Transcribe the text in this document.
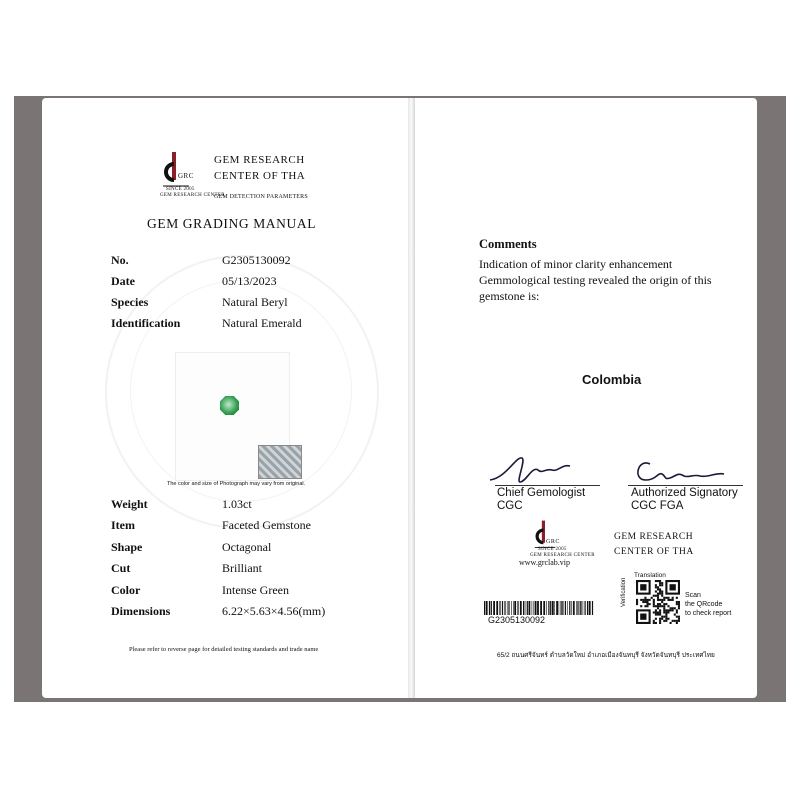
GRC
SINCE 2005
GEM RESEARCH CENTER
GEM RESEARCH
CENTER OF THA
GEM DETECTION PARAMETERS
GEM GRADING MANUAL
No.	G2305130092
Date	05/13/2023
Species	Natural Beryl
Identification	Natural Emerald
The color and size of Photograph may vary from original.
Weight	1.03ct
Item	Faceted Gemstone
Shape	Octagonal
Cut	Brilliant
Color	Intense Green
Dimensions	6.22×5.63×4.56(mm)
Please refer to reverse page for detailed testing standards and trade name
Comments
Indication of minor clarity enhancement
Gemmological testing revealed the origin of this
gemstone is:
Colombia
Chief Gemologist
CGC
Authorized Signatory
CGC FGA
GRC
SINCE 2005
GEM RESEARCH CENTER
www.grclab.vip
GEM RESEARCH
CENTER OF THA
G2305130092
Translation
Verification	Scan
the QRcode
to check report
65/2 ถนนศรีจันทร์ ตำบลวัดใหม่ อำเภอเมืองจันทบุรี จังหวัดจันทบุรี ประเทศไทย
